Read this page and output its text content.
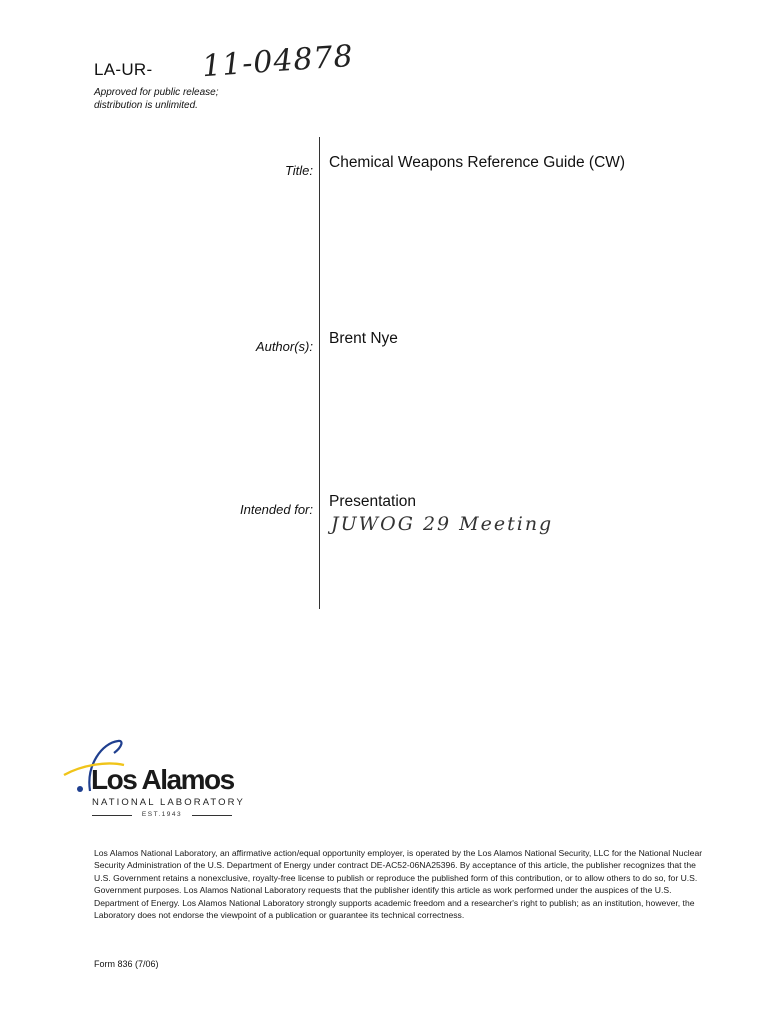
LA-UR- 11-04878
Approved for public release;
distribution is unlimited.
Title: Chemical Weapons Reference Guide (CW)
Author(s): Brent Nye
Intended for: Presentation
JUWOG 29 Meeting
Los Alamos
NATIONAL LABORATORY
EST.1943
Los Alamos National Laboratory, an affirmative action/equal opportunity employer, is operated by the Los Alamos National Security, LLC for the National Nuclear Security Administration of the U.S. Department of Energy under contract DE-AC52-06NA25396. By acceptance of this article, the publisher recognizes that the U.S. Government retains a nonexclusive, royalty-free license to publish or reproduce the published form of this contribution, or to allow others to do so, for U.S. Government purposes. Los Alamos National Laboratory requests that the publisher identify this article as work performed under the auspices of the U.S. Department of Energy. Los Alamos National Laboratory strongly supports academic freedom and a researcher's right to publish; as an institution, however, the Laboratory does not endorse the viewpoint of a publication or guarantee its technical correctness.
Form 836 (7/06)
